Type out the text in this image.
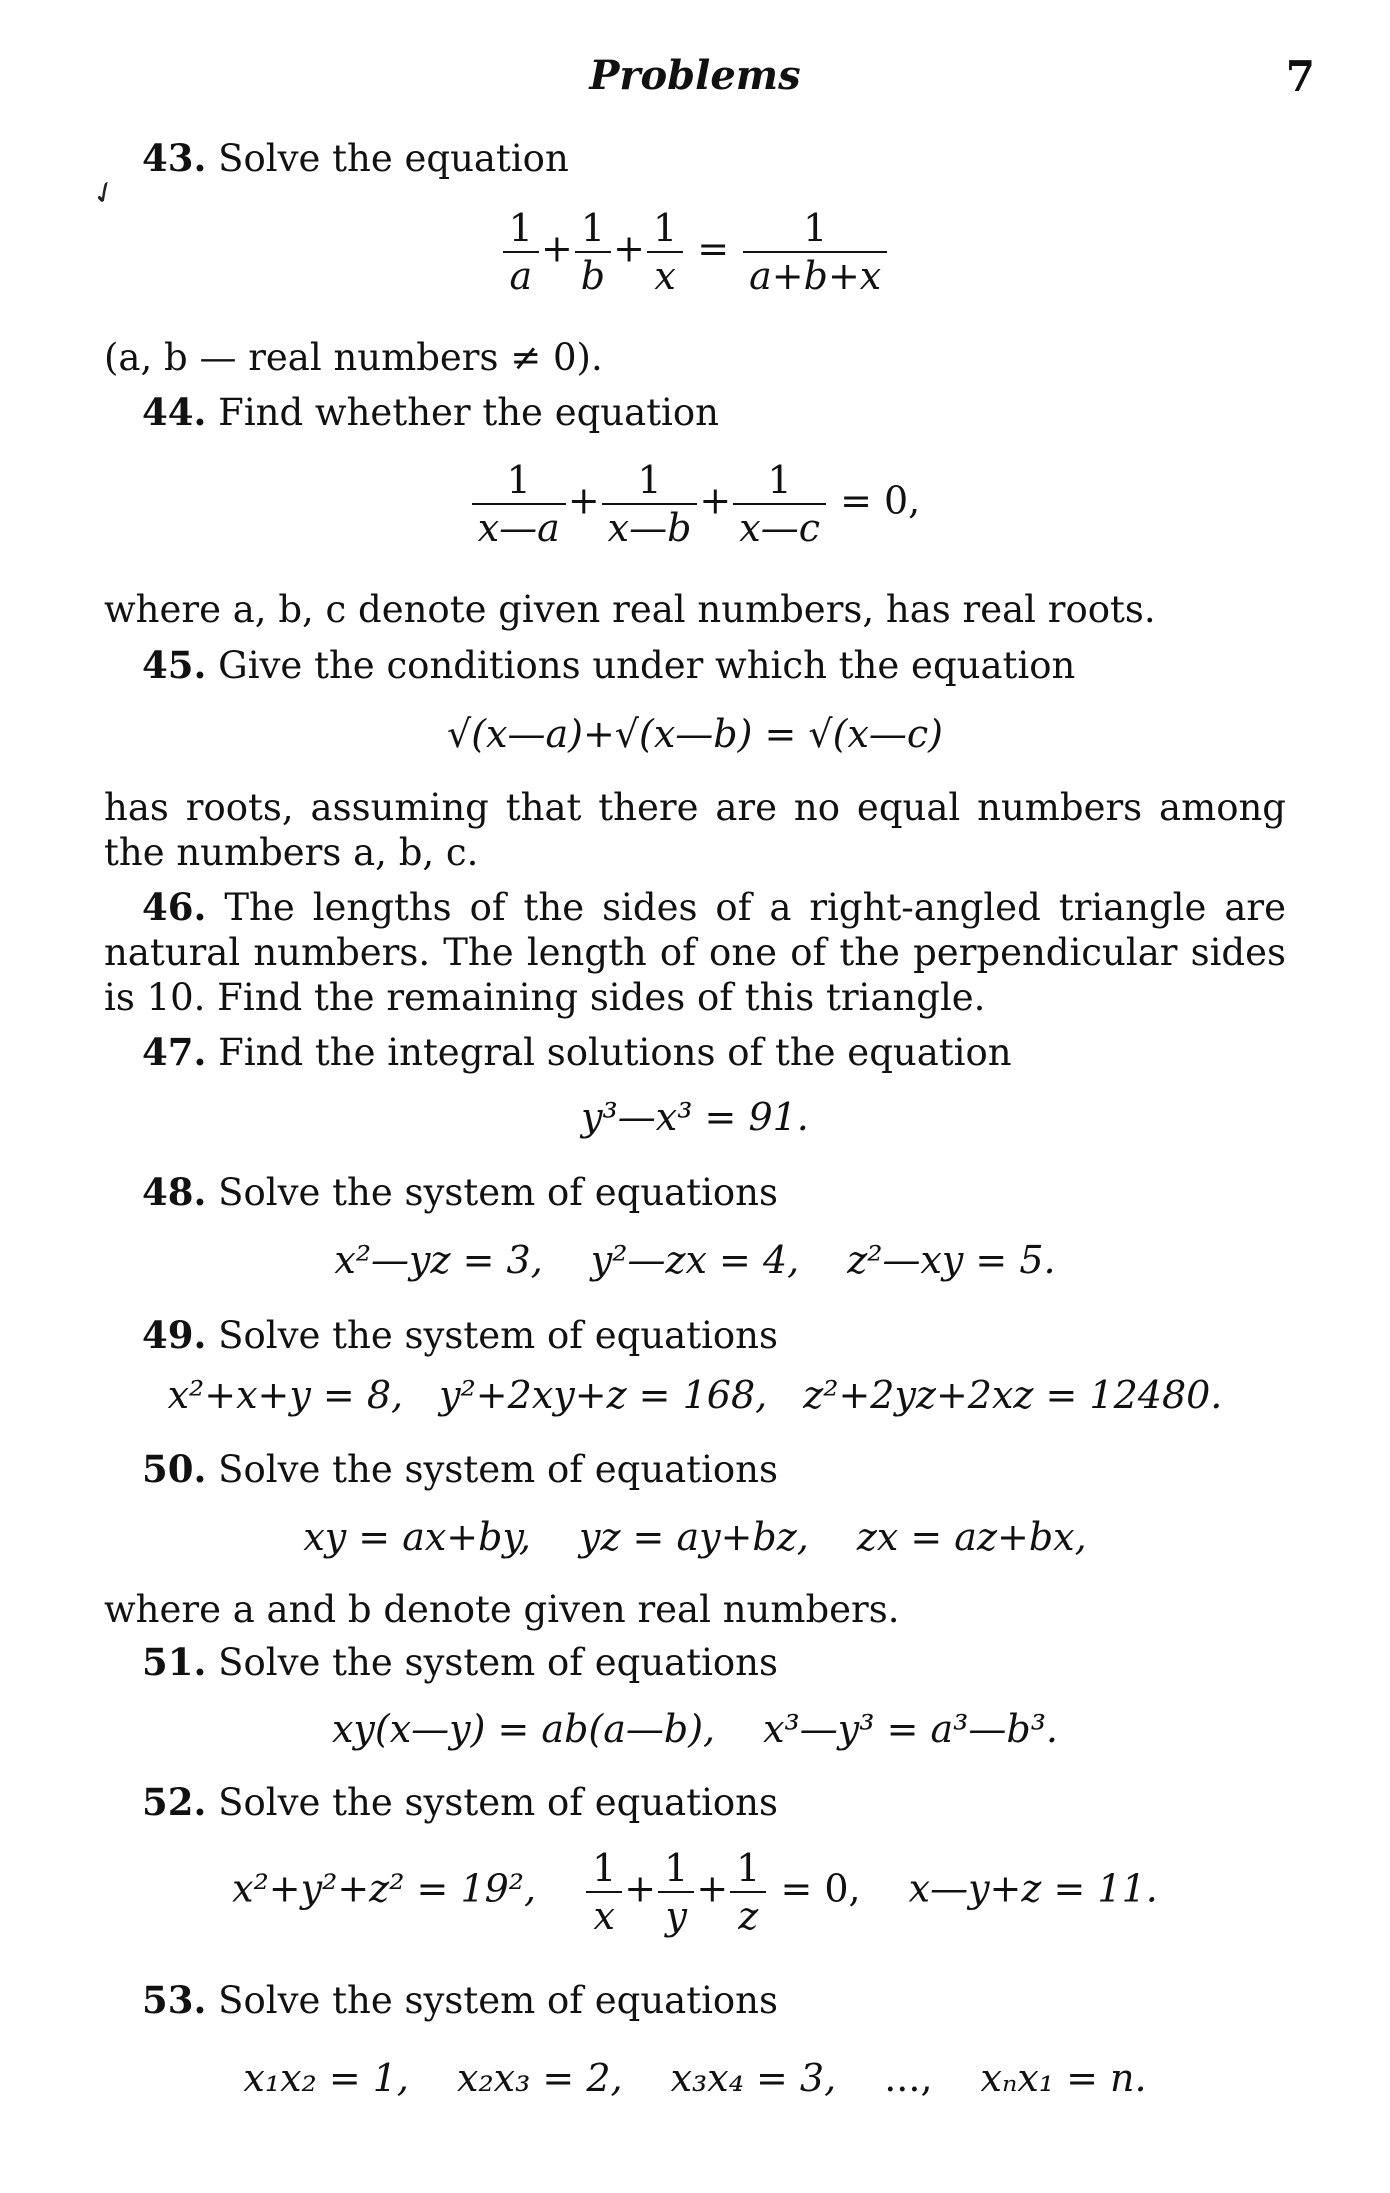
Problems	7
✓
43. Solve the equation
$\frac{1}{a} + \frac{1}{b} + \frac{1}{x} = \frac{1}{a+b+x}$
(a, b — real numbers ≠ 0).
44. Find whether the equation
$\frac{1}{x—a} + \frac{1}{x—b} + \frac{1}{x—c} = 0$,
where a, b, c denote given real numbers, has real roots.
45. Give the conditions under which the equation
√(x—a)+√(x—b) = √(x—c)
has roots, assuming that there are no equal numbers among the numbers a, b, c.
46. The lengths of the sides of a right-angled triangle are natural numbers. The length of one of the perpendicular sides is 10. Find the remaining sides of this triangle.
47. Find the integral solutions of the equation
y³—x³ = 91.
48. Solve the system of equations
x²—yz = 3, y²—zx = 4, z²—xy = 5.
49. Solve the system of equations
x²+x+y = 8, y²+2xy+z = 168, z²+2yz+2xz = 12480.
50. Solve the system of equations
xy = ax+by, yz = ay+bz, zx = az+bx,
where a and b denote given real numbers.
51. Solve the system of equations
xy(x—y) = ab(a—b), x³—y³ = a³—b³.
52. Solve the system of equations
x²+y²+z² = 19², $\frac{1}{x} + \frac{1}{y} + \frac{1}{z} = 0$, x—y+z = 11.
53. Solve the system of equations
x₁x₂ = 1, x₂x₃ = 2, x₃x₄ = 3, ..., xₙx₁ = n.
